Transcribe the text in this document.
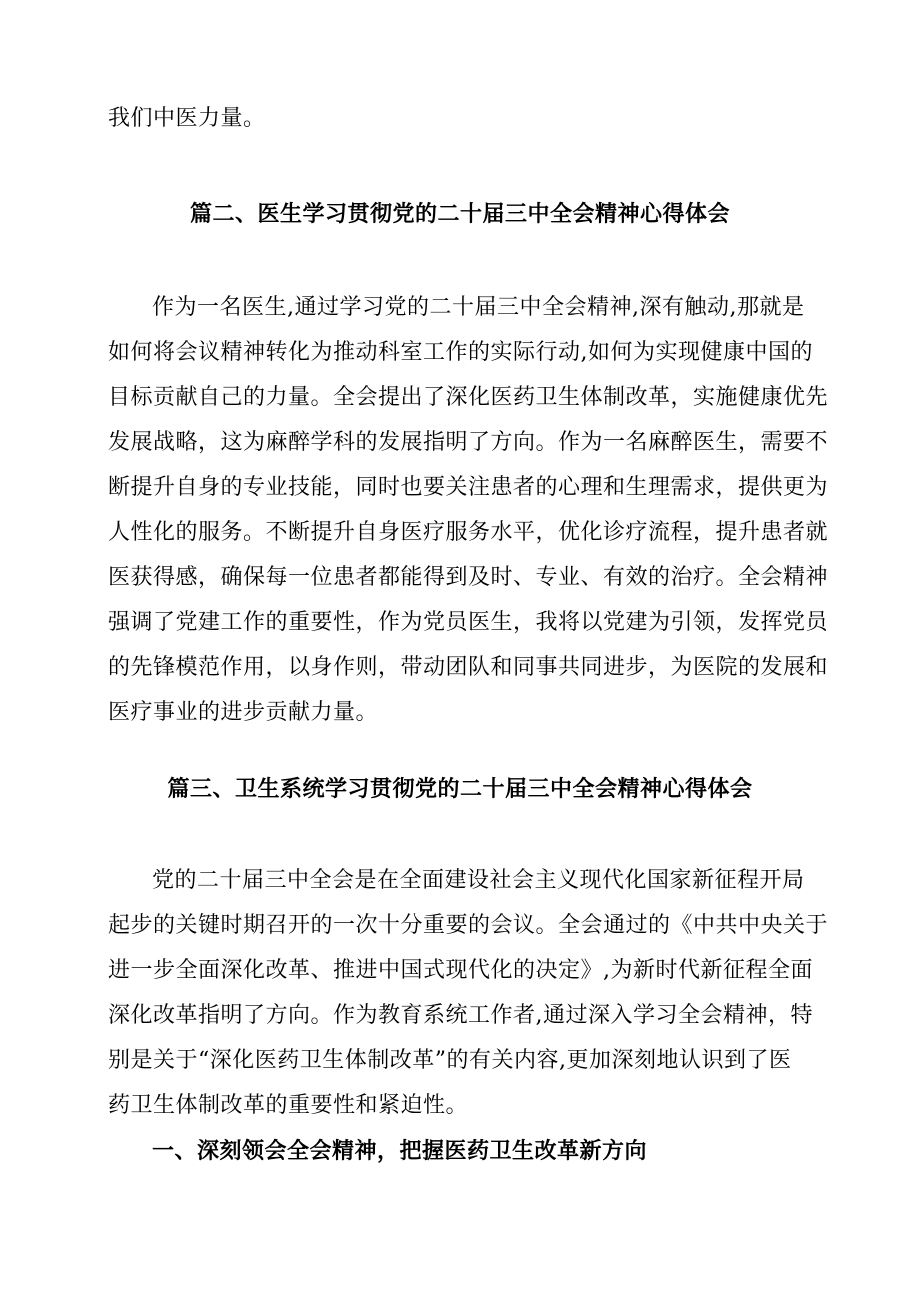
我们中医力量。
篇二、医生学习贯彻党的二十届三中全会精神心得体会
作为一名医生,通过学习党的二十届三中全会精神,深有触动,那就是
如何将会议精神转化为推动科室工作的实际行动,如何为实现健康中国的
目标贡献自己的力量。全会提出了深化医药卫生体制改革，实施健康优先
发展战略，这为麻醉学科的发展指明了方向。作为一名麻醉医生，需要不
断提升自身的专业技能，同时也要关注患者的心理和生理需求，提供更为
人性化的服务。不断提升自身医疗服务水平，优化诊疗流程，提升患者就
医获得感，确保每一位患者都能得到及时、专业、有效的治疗。全会精神
强调了党建工作的重要性，作为党员医生，我将以党建为引领，发挥党员
的先锋模范作用，以身作则，带动团队和同事共同进步，为医院的发展和
医疗事业的进步贡献力量。
篇三、卫生系统学习贯彻党的二十届三中全会精神心得体会
党的二十届三中全会是在全面建设社会主义现代化国家新征程开局
起步的关键时期召开的一次十分重要的会议。全会通过的《中共中央关于
进一步全面深化改革、推进中国式现代化的决定》,为新时代新征程全面
深化改革指明了方向。作为教育系统工作者,通过深入学习全会精神，特
别是关于“深化医药卫生体制改革”的有关内容,更加深刻地认识到了医
药卫生体制改革的重要性和紧迫性。
一、深刻领会全会精神，把握医药卫生改革新方向
